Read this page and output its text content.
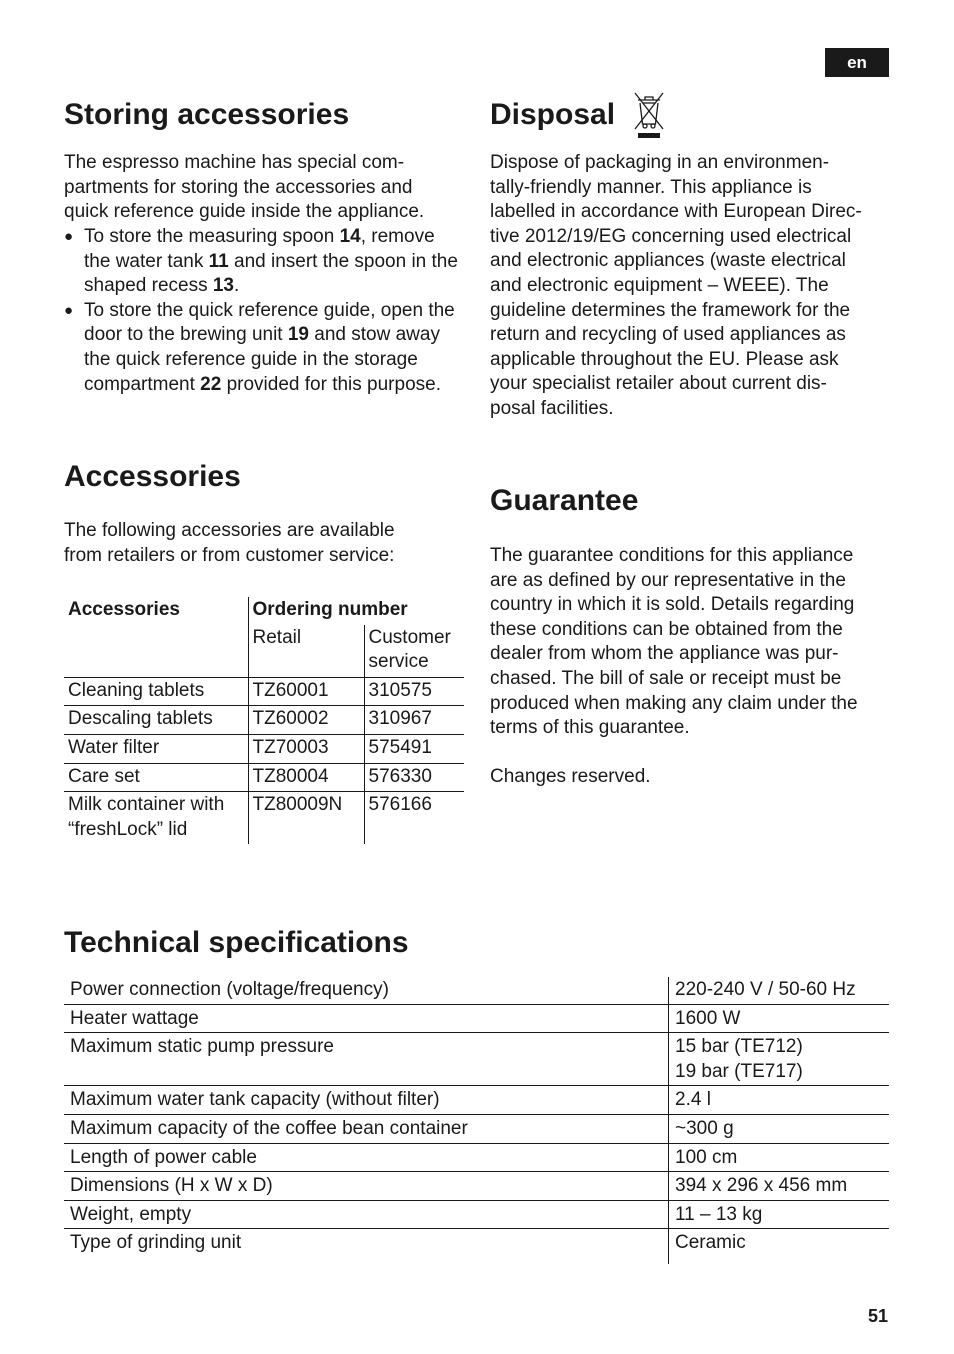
en
Storing accessories

The espresso machine has special com-
partments for storing the accessories and
quick reference guide inside the appliance.

● To store the measuring spoon 14, remove the water tank 11 and insert the spoon in the shaped recess 13.
● To store the quick reference guide, open the door to the brewing unit 19 and stow away the quick reference guide in the storage compartment 22 provided for this purpose.
Accessories

The following accessories are available
from retailers or from customer service:

Accessories	Ordering number	
	Retail	Customer service
Cleaning tablets	TZ60001	310575
Descaling tablets	TZ60002	310967
Water filter	TZ70003	575491
Care set	TZ80004	576330
Milk container with “freshLock” lid	TZ80009N	576166
Disposal

Dispose of packaging in an environmen-
tally-friendly manner. This appliance is
labelled in accordance with European Direc-
tive 2012/19/EG concerning used electrical
and electronic appliances (waste electrical
and electronic equipment – WEEE). The
guideline determines the framework for the
return and recycling of used appliances as
applicable throughout the EU. Please ask
your specialist retailer about current dis-
posal facilities.

Guarantee

The guarantee conditions for this appliance
are as defined by our representative in the
country in which it is sold. Details regarding
these conditions can be obtained from the
dealer from whom the appliance was pur-
chased. The bill of sale or receipt must be
produced when making any claim under the
terms of this guarantee.

Changes reserved.

Technical specifications
Power connection (voltage/frequency)	220-240 V / 50-60 Hz
Heater wattage	1600 W
Maximum static pump pressure	15 bar (TE712)
19 bar (TE717)
Maximum water tank capacity (without filter)	2.4 l
Maximum capacity of the coffee bean container	~300 g
Length of power cable	100 cm
Dimensions (H x W x D)	394 x 296 x 456 mm
Weight, empty	11 – 13 kg
Type of grinding unit	Ceramic
51
